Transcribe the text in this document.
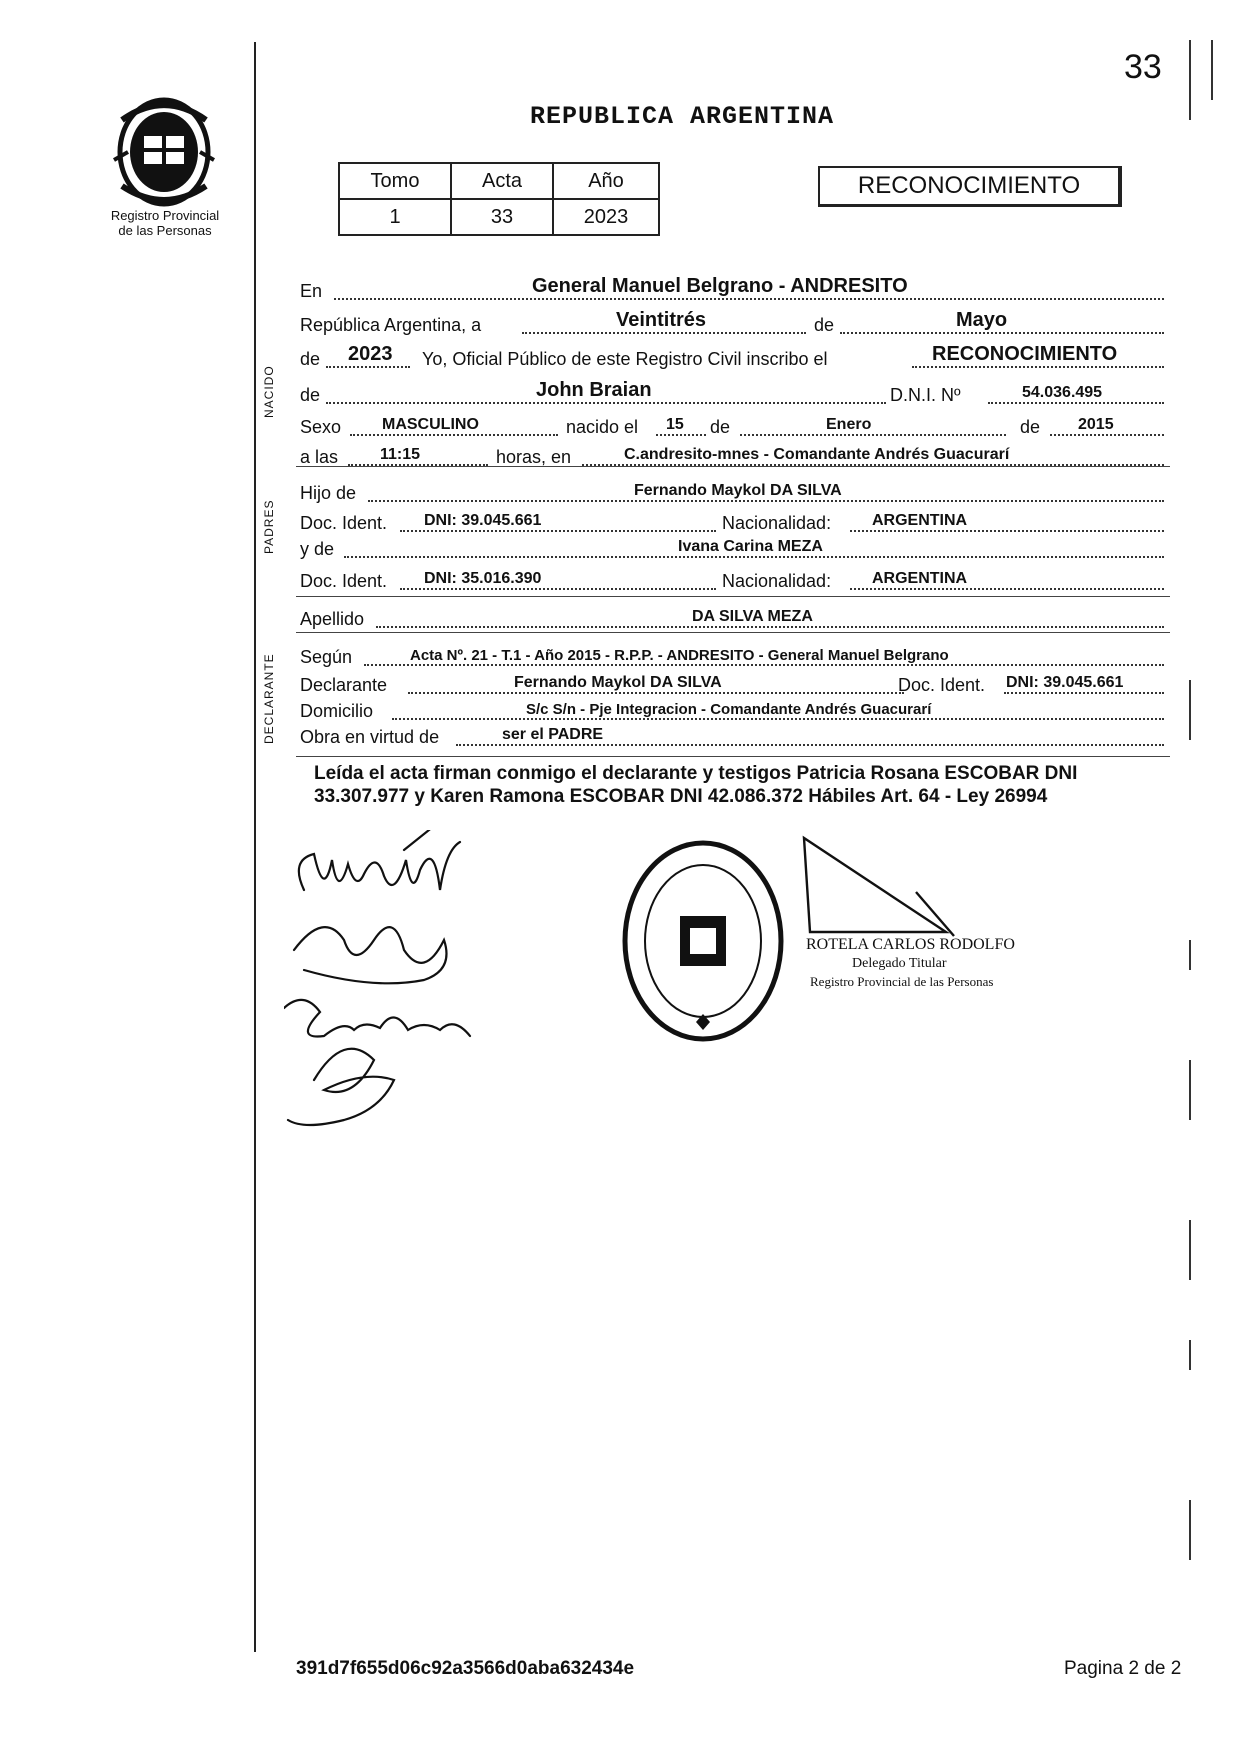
Registro Provincial
de las Personas
33
REPUBLICA ARGENTINA
Tomo	Acta	Año
1	33	2023
RECONOCIMIENTO
NACIDO
PADRES
DECLARANTE
En	General Manuel Belgrano - ANDRESITO
República Argentina, a	Veintitrés	de	Mayo
de 2023 Yo, Oficial Público de este Registro Civil inscribo el	RECONOCIMIENTO
de	John Braian	D.N.I. Nº	54.036.495
Sexo	MASCULINO	nacido el 15 de	Enero	de 2015
a las	11:15	horas, en	C.andresito-mnes - Comandante Andrés Guacurarí
Hijo de	Fernando Maykol DA SILVA
Doc. Ident. DNI: 39.045.661	Nacionalidad:	ARGENTINA
y de	Ivana Carina MEZA
Doc. Ident. DNI: 35.016.390	Nacionalidad:	ARGENTINA
Apellido	DA SILVA MEZA
Según	Acta Nº. 21 - T.1 - Año 2015 - R.P.P. - ANDRESITO - General Manuel Belgrano
Declarante	Fernando Maykol DA SILVA	Doc. Ident. DNI: 39.045.661
Domicilio	S/c S/n - Pje Integracion - Comandante Andrés Guacurarí
Obra en virtud de	ser el PADRE
Leída el acta firman conmigo el declarante y testigos Patricia Rosana ESCOBAR DNI 33.307.977 y Karen Ramona ESCOBAR DNI 42.086.372 Hábiles Art. 64 - Ley 26994
ROTELA CARLOS RODOLFO
Delegado Titular
Registro Provincial de las Personas
391d7f655d06c92a3566d0aba632434e	Pagina 2 de 2
